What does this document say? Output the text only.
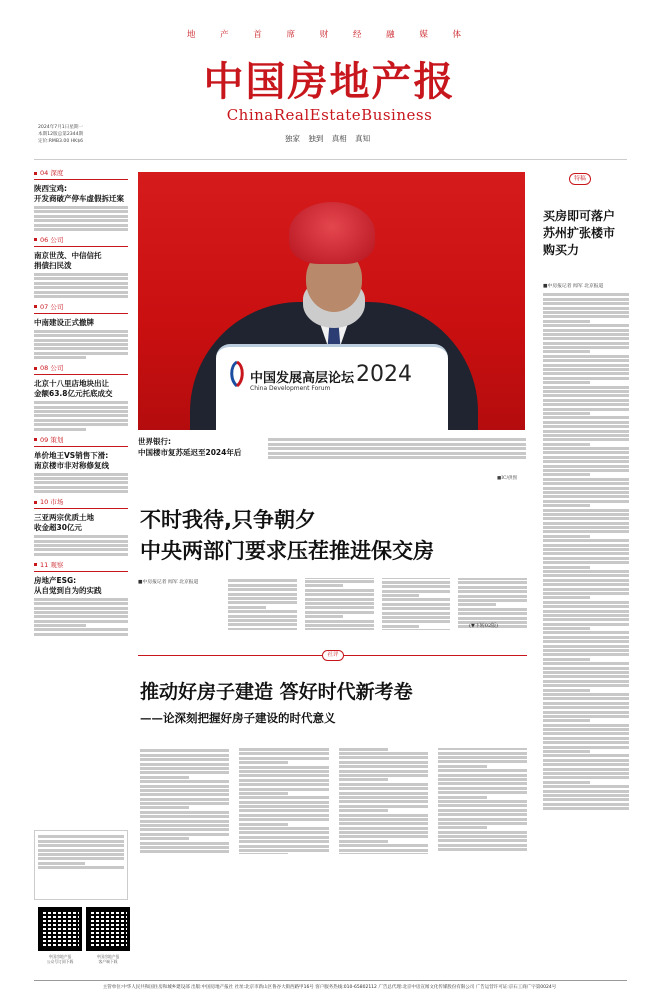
地 产 首 席 财 经 融 媒 体
中国房地产报
ChinaRealEstateBusiness
独家 独到 真相 真知
2024年7月1日星期一
本期12版总第2344期
定价:RMB3.00 HK$6
04 深度
陕西宝鸡:
开发商破产停车虚假拆迁案
06 公司
南京世茂、中信信托
捐债扫民泼
07 公司
中南建设正式撤牌
08 公司
北京十八里店地块出让
金额63.8亿元托底成交
09 策划
单价地王VS销售下滑:
南京楼市非对称修复线
10 市场
三亚两宗优质土地
收金超30亿元
11 观察
房地产ESG:
从自觉到自为的实践
中国房地产报
公众号订阅下载
中国房地产报
客户端下载
中国发展高层论坛
China Development Forum
2024
特稿
买房即可落户
苏州扩张楼市
购买力
■中房报记者 闻军 北京报道
世界银行:
中国楼市复苏延迟至2024年后
■IC/供图
不时我待,只争朝夕
中央两部门要求压茬推进保交房
■中房报记者 闻军 北京报道
(▼下转02版)
社评
推动好房子建造 答好时代新考卷
——论深刻把握好房子建设的时代意义
主管单位:中华人民共和国住房和城乡建设部 出版:中国房地产报社 社址:北京市新山区鲁谷大街西路甲16号 客户服务热线:010-65802112 广告总代理:北京中房宣闻文化传媒股份有限公司 广告运营许可证:京石工商广字第0024号
